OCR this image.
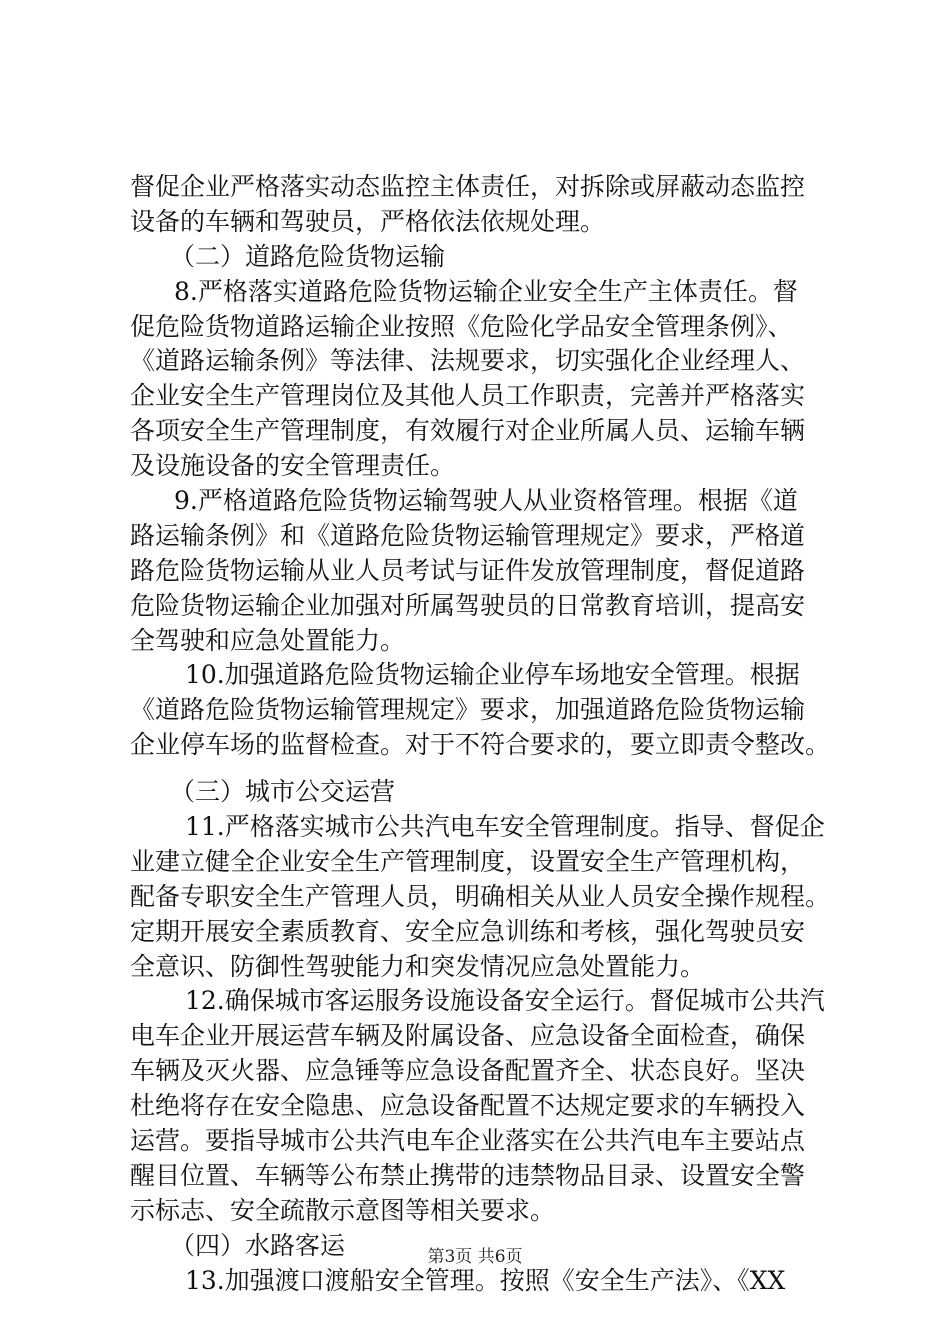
督促企业严格落实动态监控主体责任，对拆除或屏蔽动态监控
设备的车辆和驾驶员，严格依法依规处理。
（二）道路危险货物运输
8.严格落实道路危险货物运输企业安全生产主体责任。督
促危险货物道路运输企业按照《危险化学品安全管理条例》、
《道路运输条例》等法律、法规要求，切实强化企业经理人、
企业安全生产管理岗位及其他人员工作职责，完善并严格落实
各项安全生产管理制度，有效履行对企业所属人员、运输车辆
及设施设备的安全管理责任。
9.严格道路危险货物运输驾驶人从业资格管理。根据《道
路运输条例》和《道路危险货物运输管理规定》要求，严格道
路危险货物运输从业人员考试与证件发放管理制度，督促道路
危险货物运输企业加强对所属驾驶员的日常教育培训，提高安
全驾驶和应急处置能力。
10.加强道路危险货物运输企业停车场地安全管理。根据
《道路危险货物运输管理规定》要求，加强道路危险货物运输
企业停车场的监督检查。对于不符合要求的，要立即责令整改。
（三）城市公交运营
11.严格落实城市公共汽电车安全管理制度。指导、督促企
业建立健全企业安全生产管理制度，设置安全生产管理机构，
配备专职安全生产管理人员，明确相关从业人员安全操作规程。
定期开展安全素质教育、安全应急训练和考核，强化驾驶员安
全意识、防御性驾驶能力和突发情况应急处置能力。
12.确保城市客运服务设施设备安全运行。督促城市公共汽
电车企业开展运营车辆及附属设备、应急设备全面检查，确保
车辆及灭火器、应急锤等应急设备配置齐全、状态良好。坚决
杜绝将存在安全隐患、应急设备配置不达规定要求的车辆投入
运营。要指导城市公共汽电车企业落实在公共汽电车主要站点
醒目位置、车辆等公布禁止携带的违禁物品目录、设置安全警
示标志、安全疏散示意图等相关要求。
（四）水路客运
13.加强渡口渡船安全管理。按照《安全生产法》、《XX
第3页 共6页
